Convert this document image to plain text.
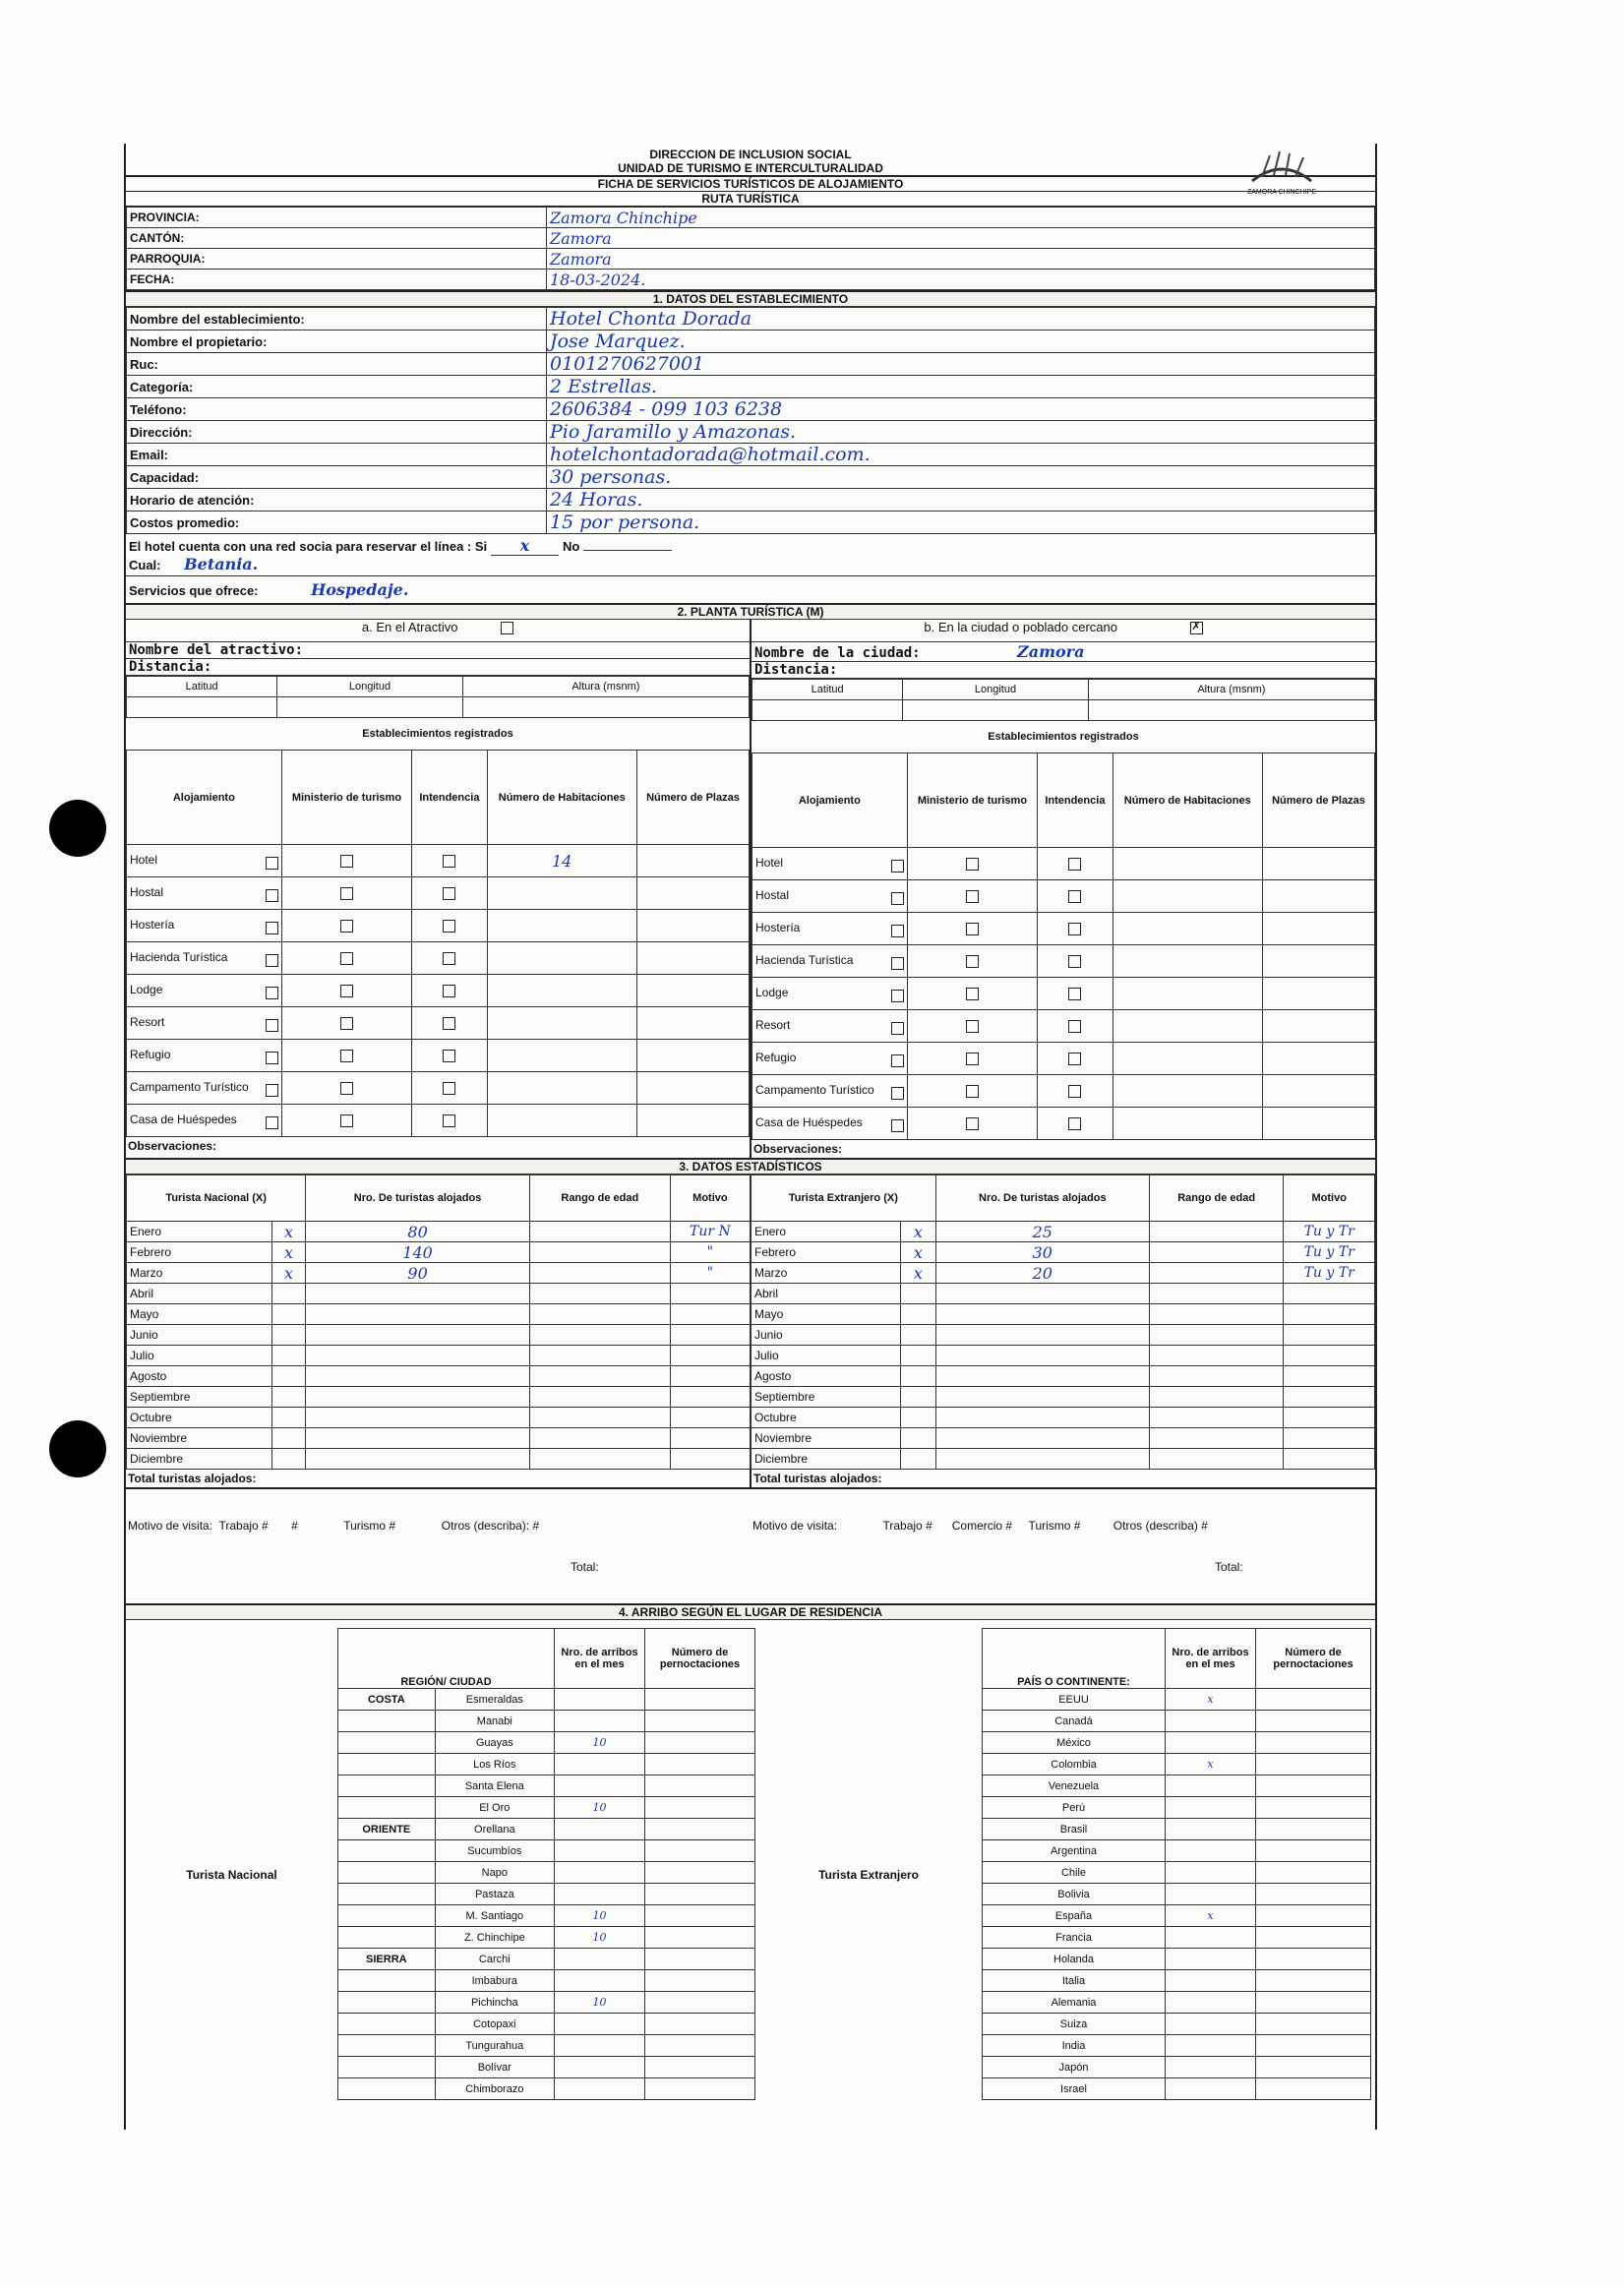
DIRECCION DE INCLUSION SOCIAL
UNIDAD DE TURISMO E INTERCULTURALIDAD
FICHA DE SERVICIOS TURÍSTICOS DE ALOJAMIENTO
RUTA TURÍSTICA	ZAMORA CHINCHIPE
PROVINCIA:	Zamora Chinchipe
CANTÓN:	Zamora
PARROQUIA:	Zamora
FECHA:	18-03-2024.
1. DATOS DEL ESTABLECIMIENTO
Nombre del establecimiento:	Hotel Chonta Dorada
Nombre el propietario:	Jose Marquez.
Ruc:	0101270627001
Categoría:	2 Estrellas.
Teléfono:	2606384 - 099 103 6238
Dirección:	Pio Jaramillo y Amazonas.
Email:	hotelchontadorada@hotmail.com.
Capacidad:	30 personas.
Horario de atención:	24 Horas.
Costos promedio:	15 por persona.
El hotel cuenta con una red socia para reservar el línea : Si x	No
Cual: Betania.
Servicios que ofrece:	Hospedaje.
2. PLANTA TURÍSTICA (M)
a. En el Atractivo
Nombre del atractivo:
Distancia:
Latitud	Longitud	Altura (msnm)

Establecimientos registrados
Alojamiento	Ministerio de turismo	Intendencia	Número de Habitaciones	Número de Plazas
Hotel			14	
Hostal

Hostería

Hacienda Turística

Lodge

Resort

Refugio

Campamento Turístico

Casa de Huéspedes

Observaciones:
b. En la ciudad o poblado cercano	✗
Nombre de la ciudad:	Zamora
Distancia:
Latitud	Longitud	Altura (msnm)

Establecimientos registrados
Alojamiento	Ministerio de turismo	Intendencia	Número de Habitaciones	Número de Plazas
Hotel

Hostal

Hostería

Hacienda Turística

Lodge

Resort

Refugio

Campamento Turístico

Casa de Huéspedes

Observaciones:
3. DATOS ESTADÍSTICOS
Turista Nacional (X)		Nro. De turistas alojados	Rango de edad	Motivo
Enero	x	80		Tur N
Febrero	x	140		"
Marzo	x	90		"
Abril				
Mayo				
Junio				
Julio				
Agosto				
Septiembre				
Octubre				
Noviembre				
Diciembre				
Turista Extranjero (X)		Nro. De turistas alojados	Rango de edad	Motivo
Enero	x	25		Tu y Tr
Febrero	x	30		Tu y Tr
Marzo	x	20		Tu y Tr
Abril				
Mayo				
Junio				
Julio				
Agosto				
Septiembre				
Octubre				
Noviembre				
Diciembre				
Total turistas alojados:	Total turistas alojados:

Motivo de visita:  Trabajo #       #              Turismo #              Otros (describa): #

Total:

Motivo de visita:              Trabajo #      Comercio #     Turismo #          Otros (describa) #

Total:

4. ARRIBO SEGÚN EL LUGAR DE RESIDENCIA
Turista Nacional
REGIÓN/ CIUDAD		Nro. de arribos en el mes	Número de pernoctaciones
COSTA	Esmeraldas		
	Manabi		
	Guayas	10	
	Los Ríos		
	Santa Elena		
	El Oro	10	
ORIENTE	Orellana		
	Sucumbíos		
	Napo		
	Pastaza		
	M. Santiago	10	
	Z. Chinchipe	10	
SIERRA	Carchi		
	Imbabura		
	Pichincha	10	
	Cotopaxi		
	Tungurahua		
	Bolívar		
	Chimborazo		
Turista Extranjero
PAÍS O CONTINENTE:	Nro. de arribos en el mes	Número de pernoctaciones
EEUU	x	
Canadá		
México		
Colombia	x	
Venezuela		
Perú		
Brasil		
Argentina		
Chile		
Bolivia		
España	x	
Francia		
Holanda		
Italia		
Alemania		
Suiza		
India		
Japón		
Israel		
